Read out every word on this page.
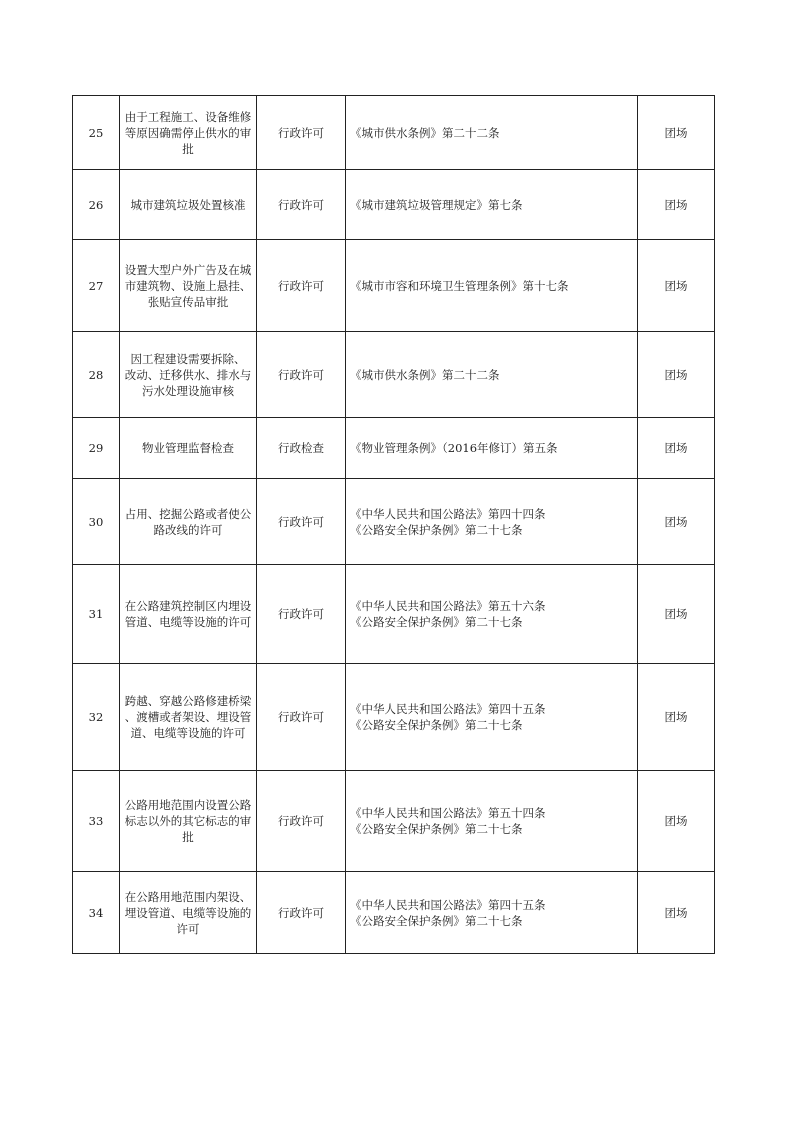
25	由于工程施工、设备维修
等原因确需停止供水的审
批	行政许可	《城市供水条例》第二十二条	团场
26	城市建筑垃圾处置核准	行政许可	《城市建筑垃圾管理规定》第七条	团场
27	设置大型户外广告及在城
市建筑物、设施上悬挂、
张贴宣传品审批	行政许可	《城市市容和环境卫生管理条例》第十七条	团场
28	因工程建设需要拆除、
改动、迁移供水、排水与
污水处理设施审核	行政许可	《城市供水条例》第二十二条	团场
29	物业管理监督检查	行政检查	《物业管理条例》（2016年修订）第五条	团场
30	占用、挖掘公路或者使公
路改线的许可	行政许可	《中华人民共和国公路法》第四十四条
《公路安全保护条例》第二十七条	团场
31	在公路建筑控制区内埋设
管道、电缆等设施的许可	行政许可	《中华人民共和国公路法》第五十六条
《公路安全保护条例》第二十七条	团场
32	跨越、穿越公路修建桥梁
、渡槽或者架设、埋设管
道、电缆等设施的许可	行政许可	《中华人民共和国公路法》第四十五条
《公路安全保护条例》第二十七条	团场
33	公路用地范围内设置公路
标志以外的其它标志的审
批	行政许可	《中华人民共和国公路法》第五十四条
《公路安全保护条例》第二十七条	团场
34	在公路用地范围内架设、
埋设管道、电缆等设施的
许可	行政许可	《中华人民共和国公路法》第四十五条
《公路安全保护条例》第二十七条	团场
